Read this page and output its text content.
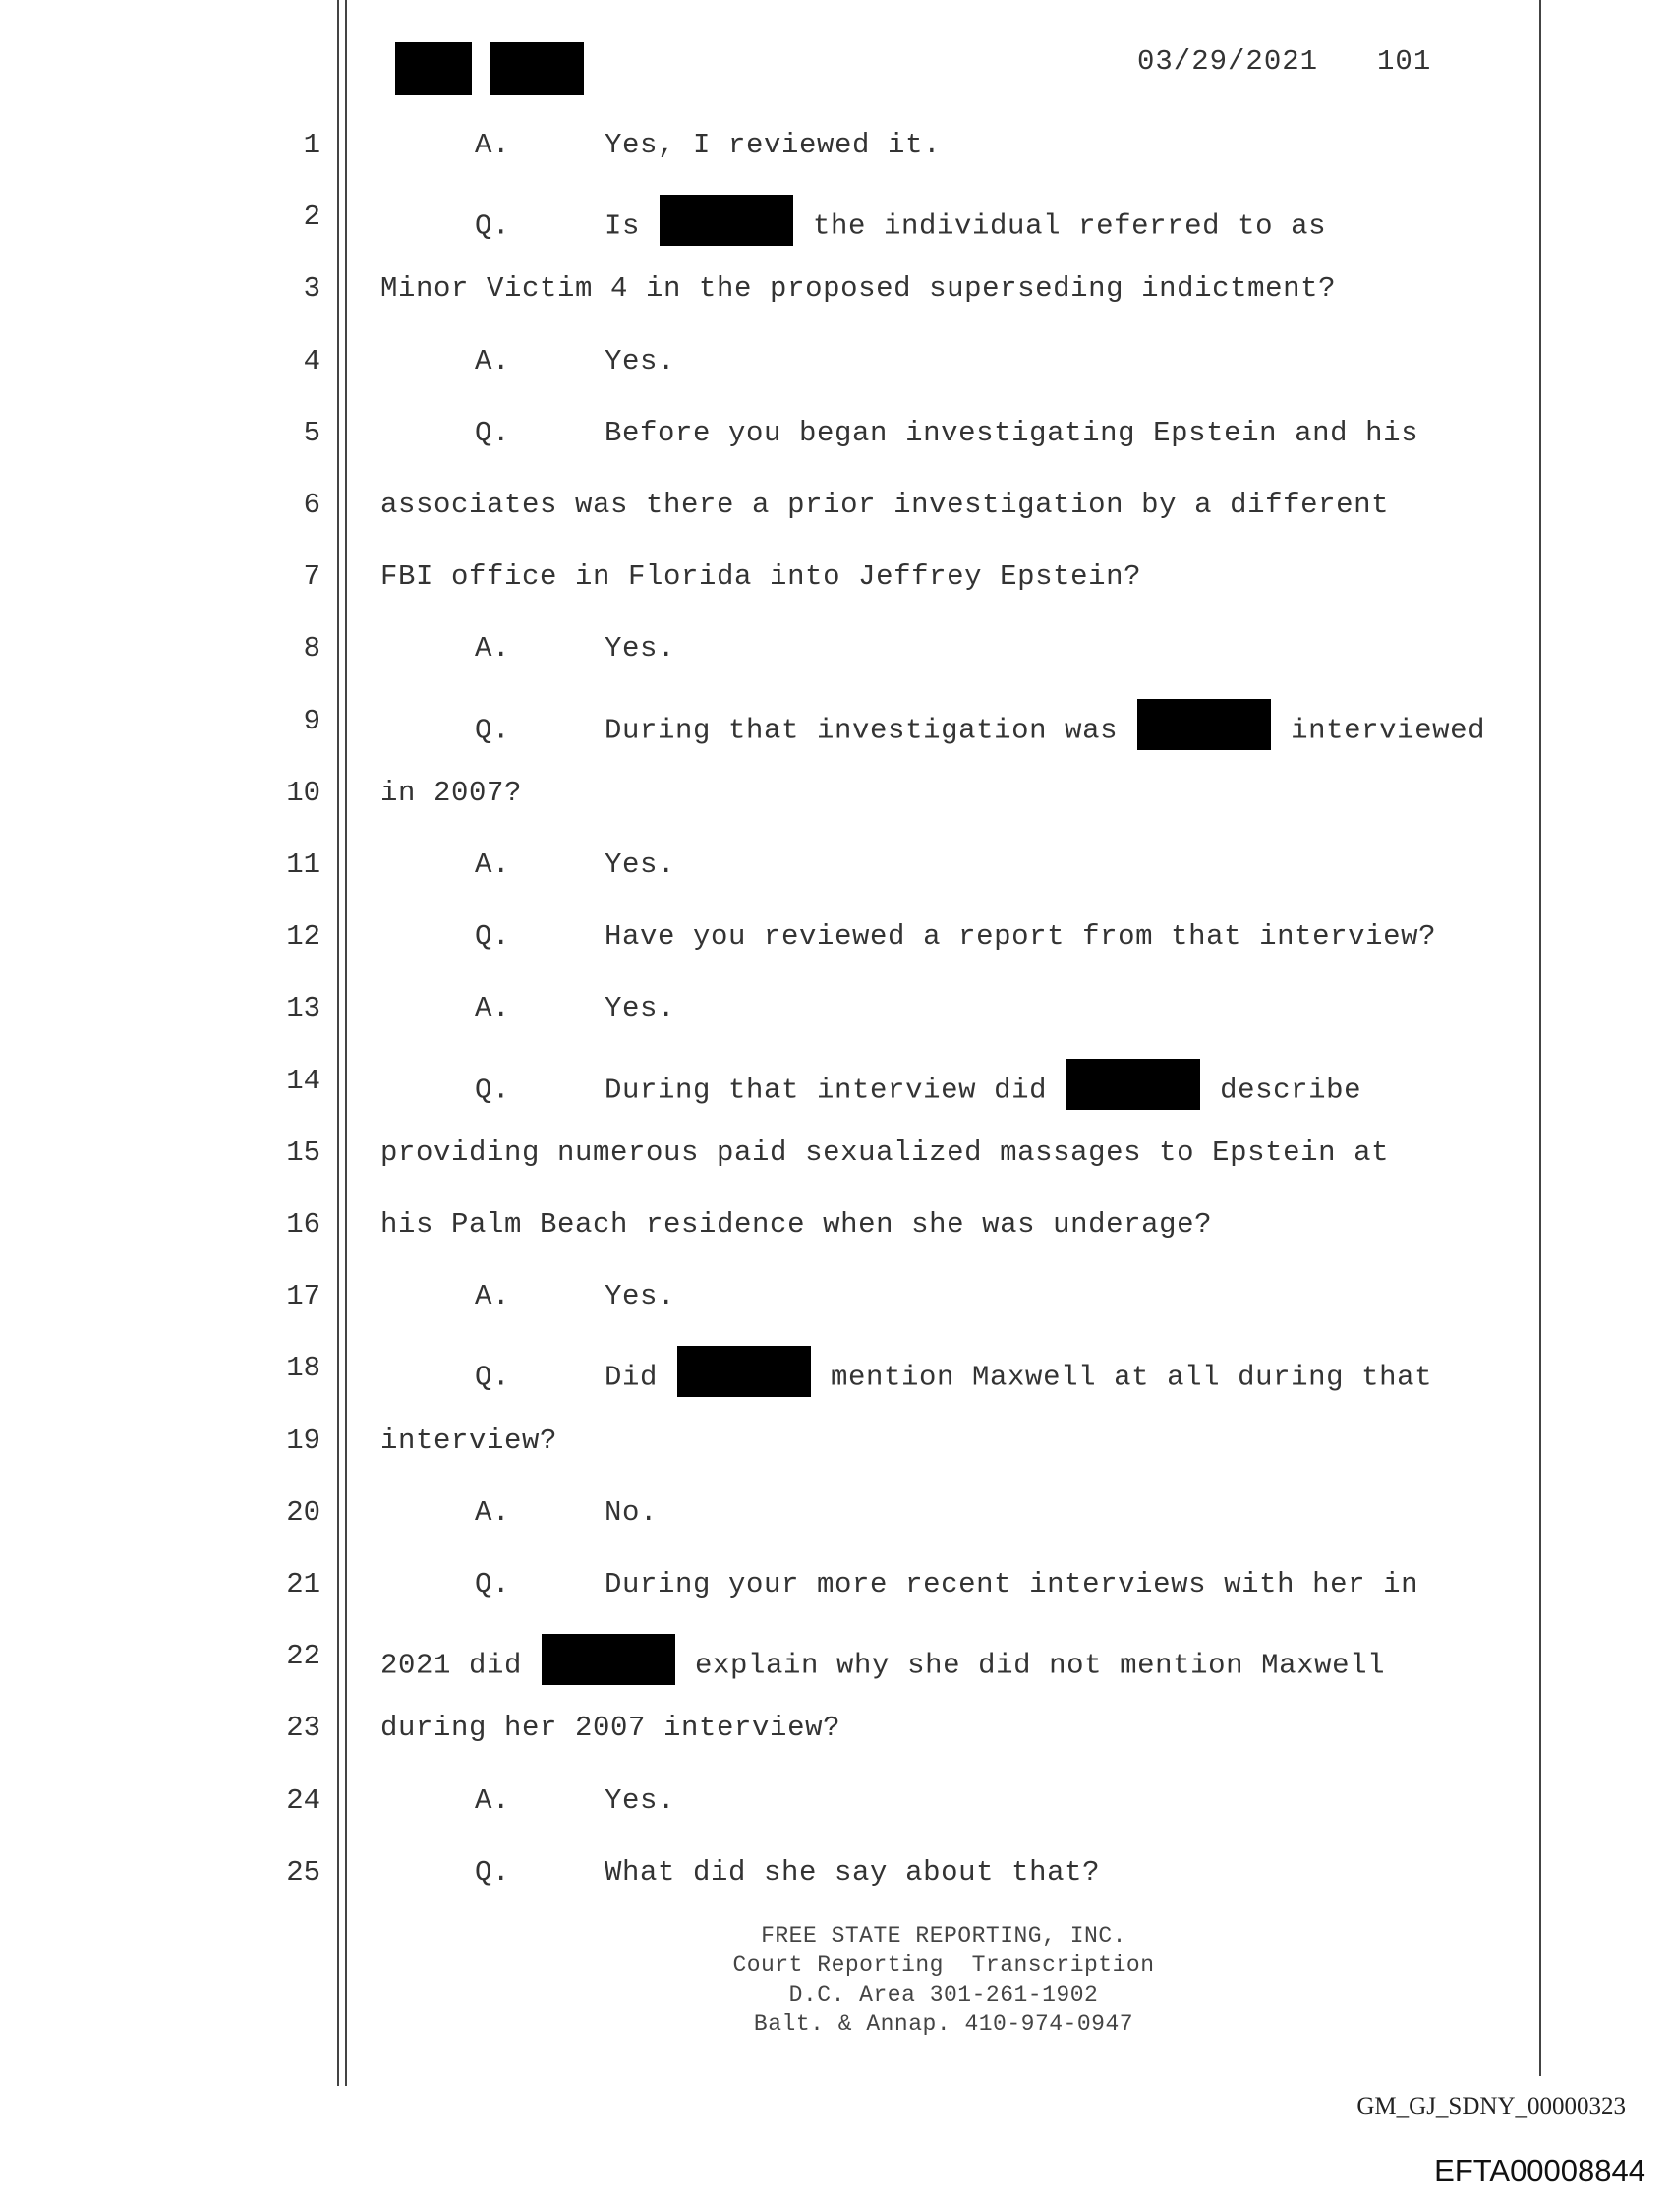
03/29/2021 101
1	A.	Yes, I reviewed it.
2	Q.	Is	the individual referred to as
3 Minor Victim 4 in the proposed superseding indictment?
4	A.	Yes.
5	Q.	Before you began investigating Epstein and his
6 associates was there a prior investigation by a different
7 FBI office in Florida into Jeffrey Epstein?
8	A.	Yes.
9	Q.	During that investigation was	interviewed
10 in 2007?
11	A.	Yes.
12	Q.	Have you reviewed a report from that interview?
13	A.	Yes.
14	Q.	During that interview did	describe
15 providing numerous paid sexualized massages to Epstein at
16 his Palm Beach residence when she was underage?
17	A.	Yes.
18	Q.	Did	mention Maxwell at all during that
19 interview?
20	A.	No.
21	Q.	During your more recent interviews with her in
22 2021 did	explain why she did not mention Maxwell
23 during her 2007 interview?
24	A.	Yes.
25	Q.	What did she say about that?
FREE STATE REPORTING, INC.
Court Reporting  Transcription
D.C. Area 301-261-1902
Balt. & Annap. 410-974-0947
GM_GJ_SDNY_00000323
EFTA00008844
